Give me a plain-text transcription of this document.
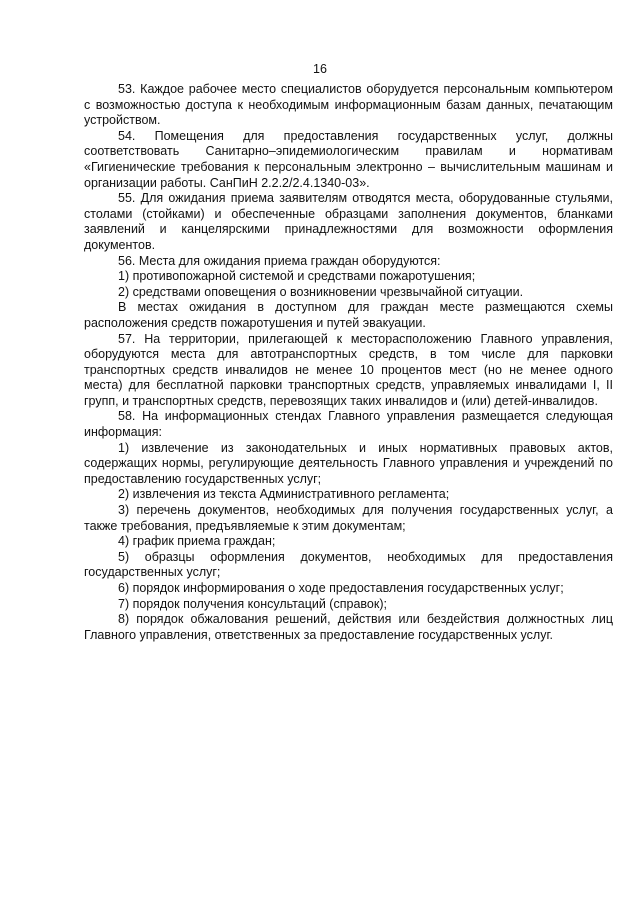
16

53. Каждое рабочее место специалистов оборудуется персональным компьютером с возможностью доступа к необходимым информационным базам данных, печатающим устройством.

54. Помещения для предоставления государственных услуг, должны соответствовать Санитарно–эпидемиологическим правилам и нормативам «Гигиенические требования к персональным электронно – вычислительным машинам и организации работы. СанПиН 2.2.2/2.4.1340-03».

55. Для ожидания приема заявителям отводятся места, оборудованные стульями, столами (стойками) и обеспеченные образцами заполнения документов, бланками заявлений и канцелярскими принадлежностями для возможности оформления документов.

56. Места для ожидания приема граждан оборудуются:

1) противопожарной системой и средствами пожаротушения;

2) средствами оповещения о возникновении чрезвычайной ситуации.

В местах ожидания в доступном для граждан месте размещаются схемы расположения средств пожаротушения и путей эвакуации.

57. На территории, прилегающей к месторасположению Главного управления, оборудуются места для автотранспортных средств, в том числе для парковки транспортных средств инвалидов не менее 10 процентов мест (но не менее одного места) для бесплатной парковки транспортных средств, управляемых инвалидами I, II групп, и транспортных средств, перевозящих таких инвалидов и (или) детей-инвалидов.

58. На информационных стендах Главного управления размещается следующая информация:

1) извлечение из законодательных и иных нормативных правовых актов, содержащих нормы, регулирующие деятельность Главного управления и учреждений по предоставлению государственных услуг;

2) извлечения из текста Административного регламента;

3) перечень документов, необходимых для получения государственных услуг, а также требования, предъявляемые к этим документам;

4) график приема граждан;

5) образцы оформления документов, необходимых для предоставления государственных услуг;

6) порядок информирования о ходе предоставления государственных услуг;

7) порядок получения консультаций (справок);

8) порядок обжалования решений, действия или бездействия должностных лиц Главного управления, ответственных за предоставление государственных услуг.
